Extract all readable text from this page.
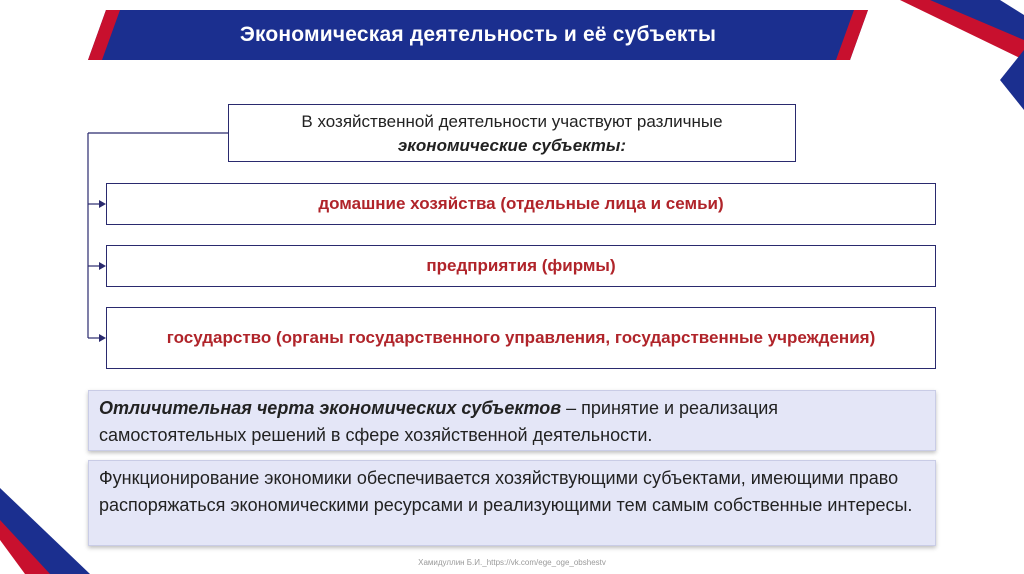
Экономическая деятельность и её субъекты
В хозяйственной деятельности участвуют различные
экономические субъекты:
домашние хозяйства (отдельные лица и семьи)
предприятия (фирмы)
государство (органы государственного управления, государственные учреждения)
Отличительная черта экономических субъектов – принятие и реализация самостоятельных решений в сфере хозяйственной деятельности.
Функционирование экономики обеспечивается хозяйствующими субъектами, имеющими право распоряжаться экономическими ресурсами и реализующими тем самым собственные интересы.
Хамидуллин Б.И._https://vk.com/ege_oge_obshestv
